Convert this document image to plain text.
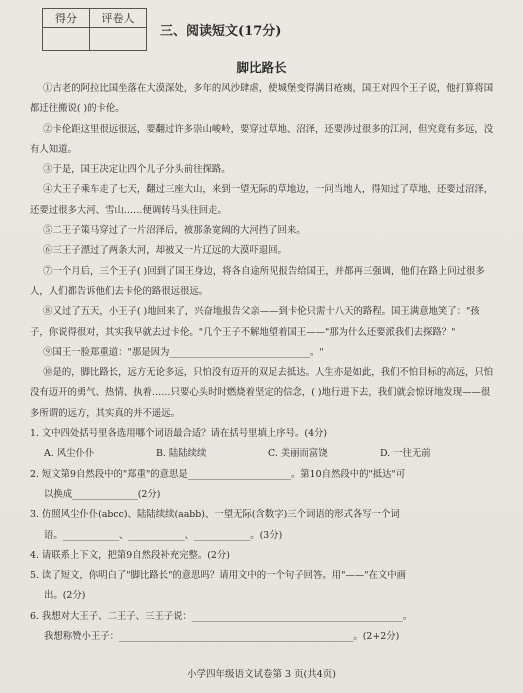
得分	评卷人

三、阅读短文(17分)
脚比路长

①古老的阿拉比国坐落在大漠深处，多年的风沙肆虐，使城堡变得满目疮痍，国王对四个王子说，他打算将国都迁往搬说( )的卡伦。

②卡伦距这里很远很远，要翻过许多崇山峻岭，要穿过草地、沼泽，还要涉过很多的江河，但究竟有多远，没有人知道。

③于是，国王决定让四个儿子分头前往探路。

④大王子乘车走了七天，翻过三座大山，来到一望无际的草地边，一问当地人，得知过了草地，还要过沼泽，还要过很多大河、雪山……便调转马头往回走。

⑤二王子策马穿过了一片沼泽后，被那条宽阔的大河挡了回来。

⑥三王子漂过了两条大河，却被又一片辽远的大漠吓退回。

⑦一个月后，三个王子( )回到了国王身边，将各自途所见报告给国王，并都再三强调，他们在路上问过很多人，人们都告诉他们去卡伦的路很远很远。

⑧又过了五天，小王子( )地回来了，兴奋地报告父亲——到卡伦只需十八天的路程。国王满意地笑了："孩子，你说得很对，其实我早就去过卡伦。"几个王子不解地望着国王——"那为什么还要派我们去探路？"

⑨国王一脸郑重道："那是因为______________________________。"

⑩是的，脚比路长，远方无论多远，只怕没有迈开的双足去抵达。人生亦是如此，我们不怕目标的高远，只怕没有迈开的勇气、热情、执着……只要心头时时燃烧着坚定的信念，( )地行进下去，我们就会惊讶地发现——很多所谓的远方，其实真的并不遥远。

1. 文中四处括号里各选用哪个词语最合适？请在括号里填上序号。(4分)

A. 风尘仆仆	B. 陆陆续续	C. 美丽而富饶	D. 一往无前

2. 短文第9自然段中的"郑重"的意思是______________________。第10自然段中的"抵达"可

以换成______________(2分)

3. 仿照风尘仆仆(abcc)、陆陆续续(aabb)、一望无际(含数字)三个词语的形式各写一个词

语。____________、____________、____________。(3分)

4. 请联系上下文，把第9自然段补充完整。(2分)

5. 读了短文，你明白了"脚比路长"的意思吗？请用文中的一个句子回答。用"——"在文中画

出。(2分)

6. 我想对大王子、二王子、三王子说：_____________________________________________。

我想称赞小王子：__________________________________________________。(2+2分)

小学四年级语文试卷第 3 页(共4页)
